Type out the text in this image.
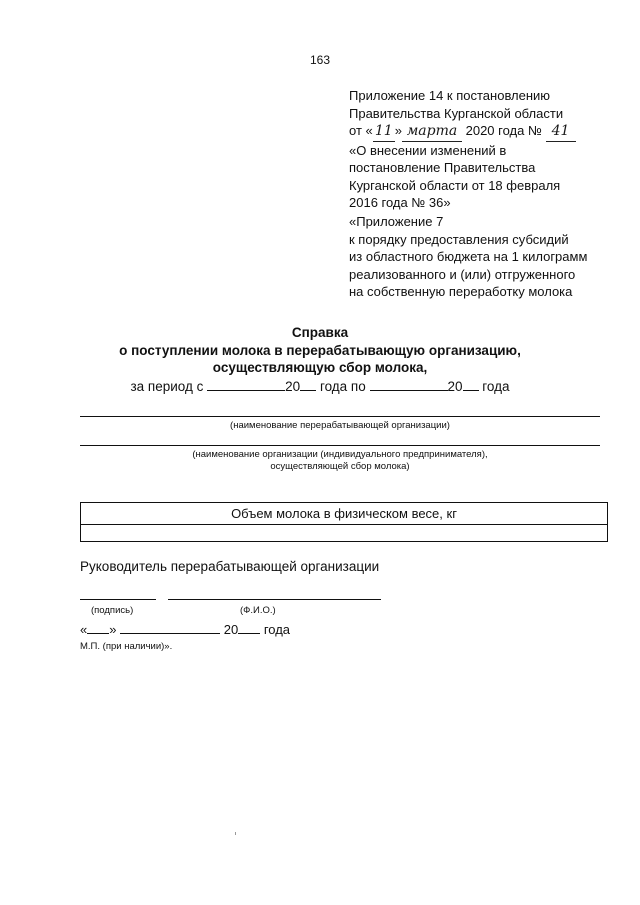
163
Приложение 14 к постановлению
Правительства Курганской области
от « 11 » марта 2020 года № 41
«О внесении изменений в
постановление Правительства
Курганской области от 18 февраля
2016 года № 36»
«Приложение 7
к порядку предоставления субсидий
из областного бюджета на 1 килограмм
реализованного и (или) отгруженного
на собственную переработку молока
Справка
о поступлении молока в перерабатывающую организацию,
осуществляющую сбор молока,
за период с	20 года по	20 года
(наименование перерабатывающей организации)
(наименование организации (индивидуального предпринимателя),
осуществляющей сбор молока)
Объем молока в физическом весе, кг
Руководитель перерабатывающей организации
(подпись)	(Ф.И.О.)
« »	20 года
М.П. (при наличии)».
